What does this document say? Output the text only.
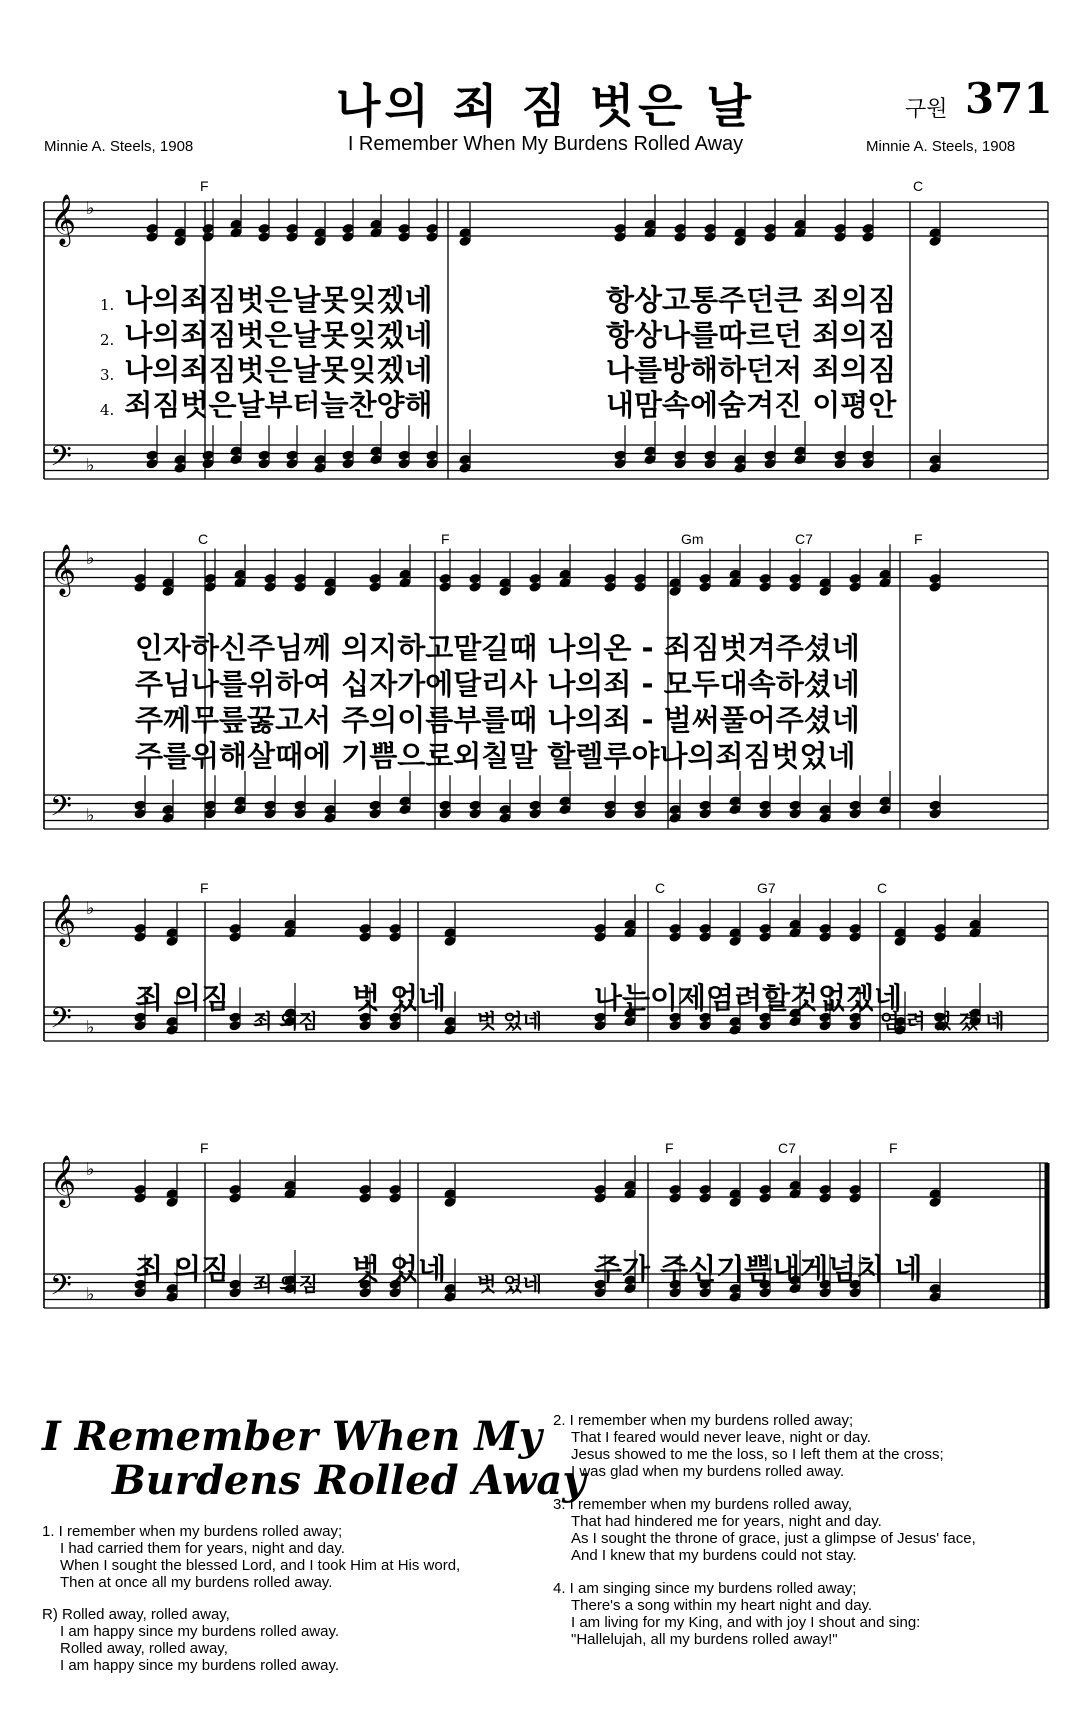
나의 죄 짐 벗은 날	구원 371
I Remember When My Burdens Rolled Away
Minnie A. Steels, 1908	Minnie A. Steels, 1908
𝄞
𝄢
♭
♭
𝄞
𝄢
♭
♭
𝄞
𝄢
♭
♭
𝄞
𝄢
♭
♭
F	C
C	F	Gm	C7	F
F	C	G7	C
F	F	C7	F
1. 나의죄짐벗은날못잊겠네	항상고통주던큰 죄의짐
2. 나의죄짐벗은날못잊겠네	항상나를따르던 죄의짐
3. 나의죄짐벗은날못잊겠네	나를방해하던저 죄의짐
4. 죄짐벗은날부터늘찬양해	내맘속에숨겨진 이평안
인자하신주님께 의지하고맡길때 나의온 - 죄짐벗겨주셨네
주님나를위하여 십자가에달리사 나의죄 - 모두대속하셨네
주께무릎꿇고서 주의이름부를때 나의죄 - 벌써풀어주셨네
주를위해살때에 기쁨으로외칠말 할렐루야나의죄짐벗었네
죄 의짐	벗 었네	나는이제염려할것없겠네
죄 의짐	벗 었네	염 려 없 겠 네
죄 의짐	벗 었네	주가 주신기쁨내게넘치 네
죄 의짐	벗 었네
I Remember When My
Burdens Rolled Away
1. I remember when my burdens rolled away;
I had carried them for years, night and day.
When I sought the blessed Lord, and I took Him at His word,
Then at once all my burdens rolled away.
R) Rolled away, rolled away,
I am happy since my burdens rolled away.
Rolled away, rolled away,
I am happy since my burdens rolled away.
2. I remember when my burdens rolled away;
That I feared would never leave, night or day.
Jesus showed to me the loss, so I left them at the cross;
I was glad when my burdens rolled away.
3. I remember when my burdens rolled away,
That had hindered me for years, night and day.
As I sought the throne of grace, just a glimpse of Jesus' face,
And I knew that my burdens could not stay.
4. I am singing since my burdens rolled away;
There's a song within my heart night and day.
I am living for my King, and with joy I shout and sing:
"Hallelujah, all my burdens rolled away!"
